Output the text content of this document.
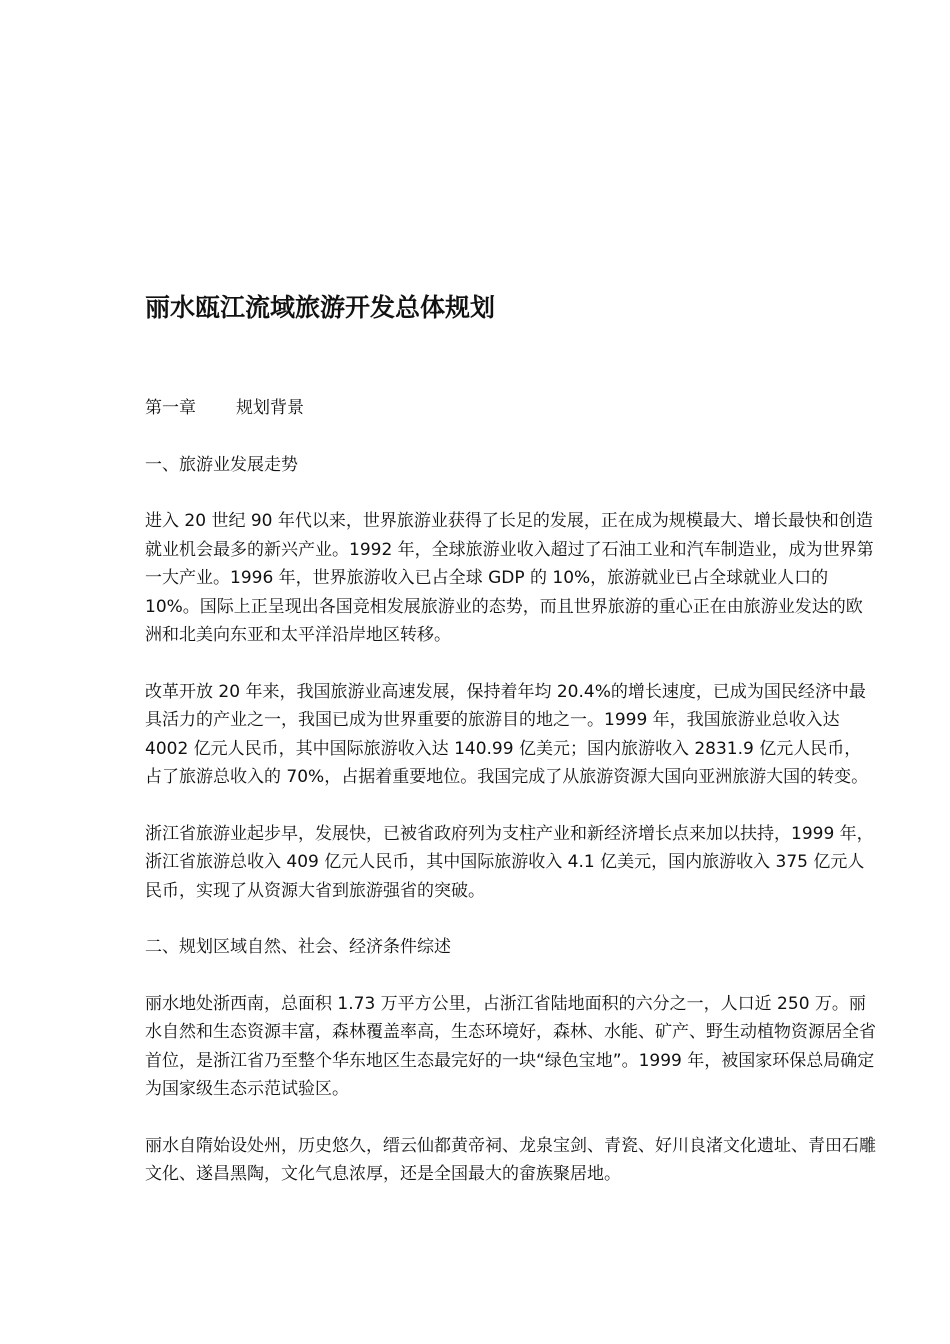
丽水瓯江流域旅游开发总体规划

第一章 规划背景

一、旅游业发展走势

进入 20 世纪 90 年代以来，世界旅游业获得了长足的发展，正在成为规模最大、增长最快和创造就业机会最多的新兴产业。1992 年，全球旅游业收入超过了石油工业和汽车制造业，成为世界第一大产业。1996 年，世界旅游收入已占全球 GDP 的 10%，旅游就业已占全球就业人口的 10%。国际上正呈现出各国竞相发展旅游业的态势，而且世界旅游的重心正在由旅游业发达的欧洲和北美向东亚和太平洋沿岸地区转移。

改革开放 20 年来，我国旅游业高速发展，保持着年均 20.4%的增长速度，已成为国民经济中最具活力的产业之一，我国已成为世界重要的旅游目的地之一。1999 年，我国旅游业总收入达 4002 亿元人民币，其中国际旅游收入达 140.99 亿美元；国内旅游收入 2831.9 亿元人民币，占了旅游总收入的 70%，占据着重要地位。我国完成了从旅游资源大国向亚洲旅游大国的转变。

浙江省旅游业起步早，发展快，已被省政府列为支柱产业和新经济增长点来加以扶持，1999 年，浙江省旅游总收入 409 亿元人民币，其中国际旅游收入 4.1 亿美元，国内旅游收入 375 亿元人民币，实现了从资源大省到旅游强省的突破。

二、规划区域自然、社会、经济条件综述

丽水地处浙西南，总面积 1.73 万平方公里，占浙江省陆地面积的六分之一，人口近 250 万。丽水自然和生态资源丰富，森林覆盖率高，生态环境好，森林、水能、矿产、野生动植物资源居全省首位，是浙江省乃至整个华东地区生态最完好的一块“绿色宝地”。1999 年，被国家环保总局确定为国家级生态示范试验区。

丽水自隋始设处州，历史悠久，缙云仙都黄帝祠、龙泉宝剑、青瓷、好川良渚文化遗址、青田石雕文化、遂昌黑陶，文化气息浓厚，还是全国最大的畲族聚居地。
